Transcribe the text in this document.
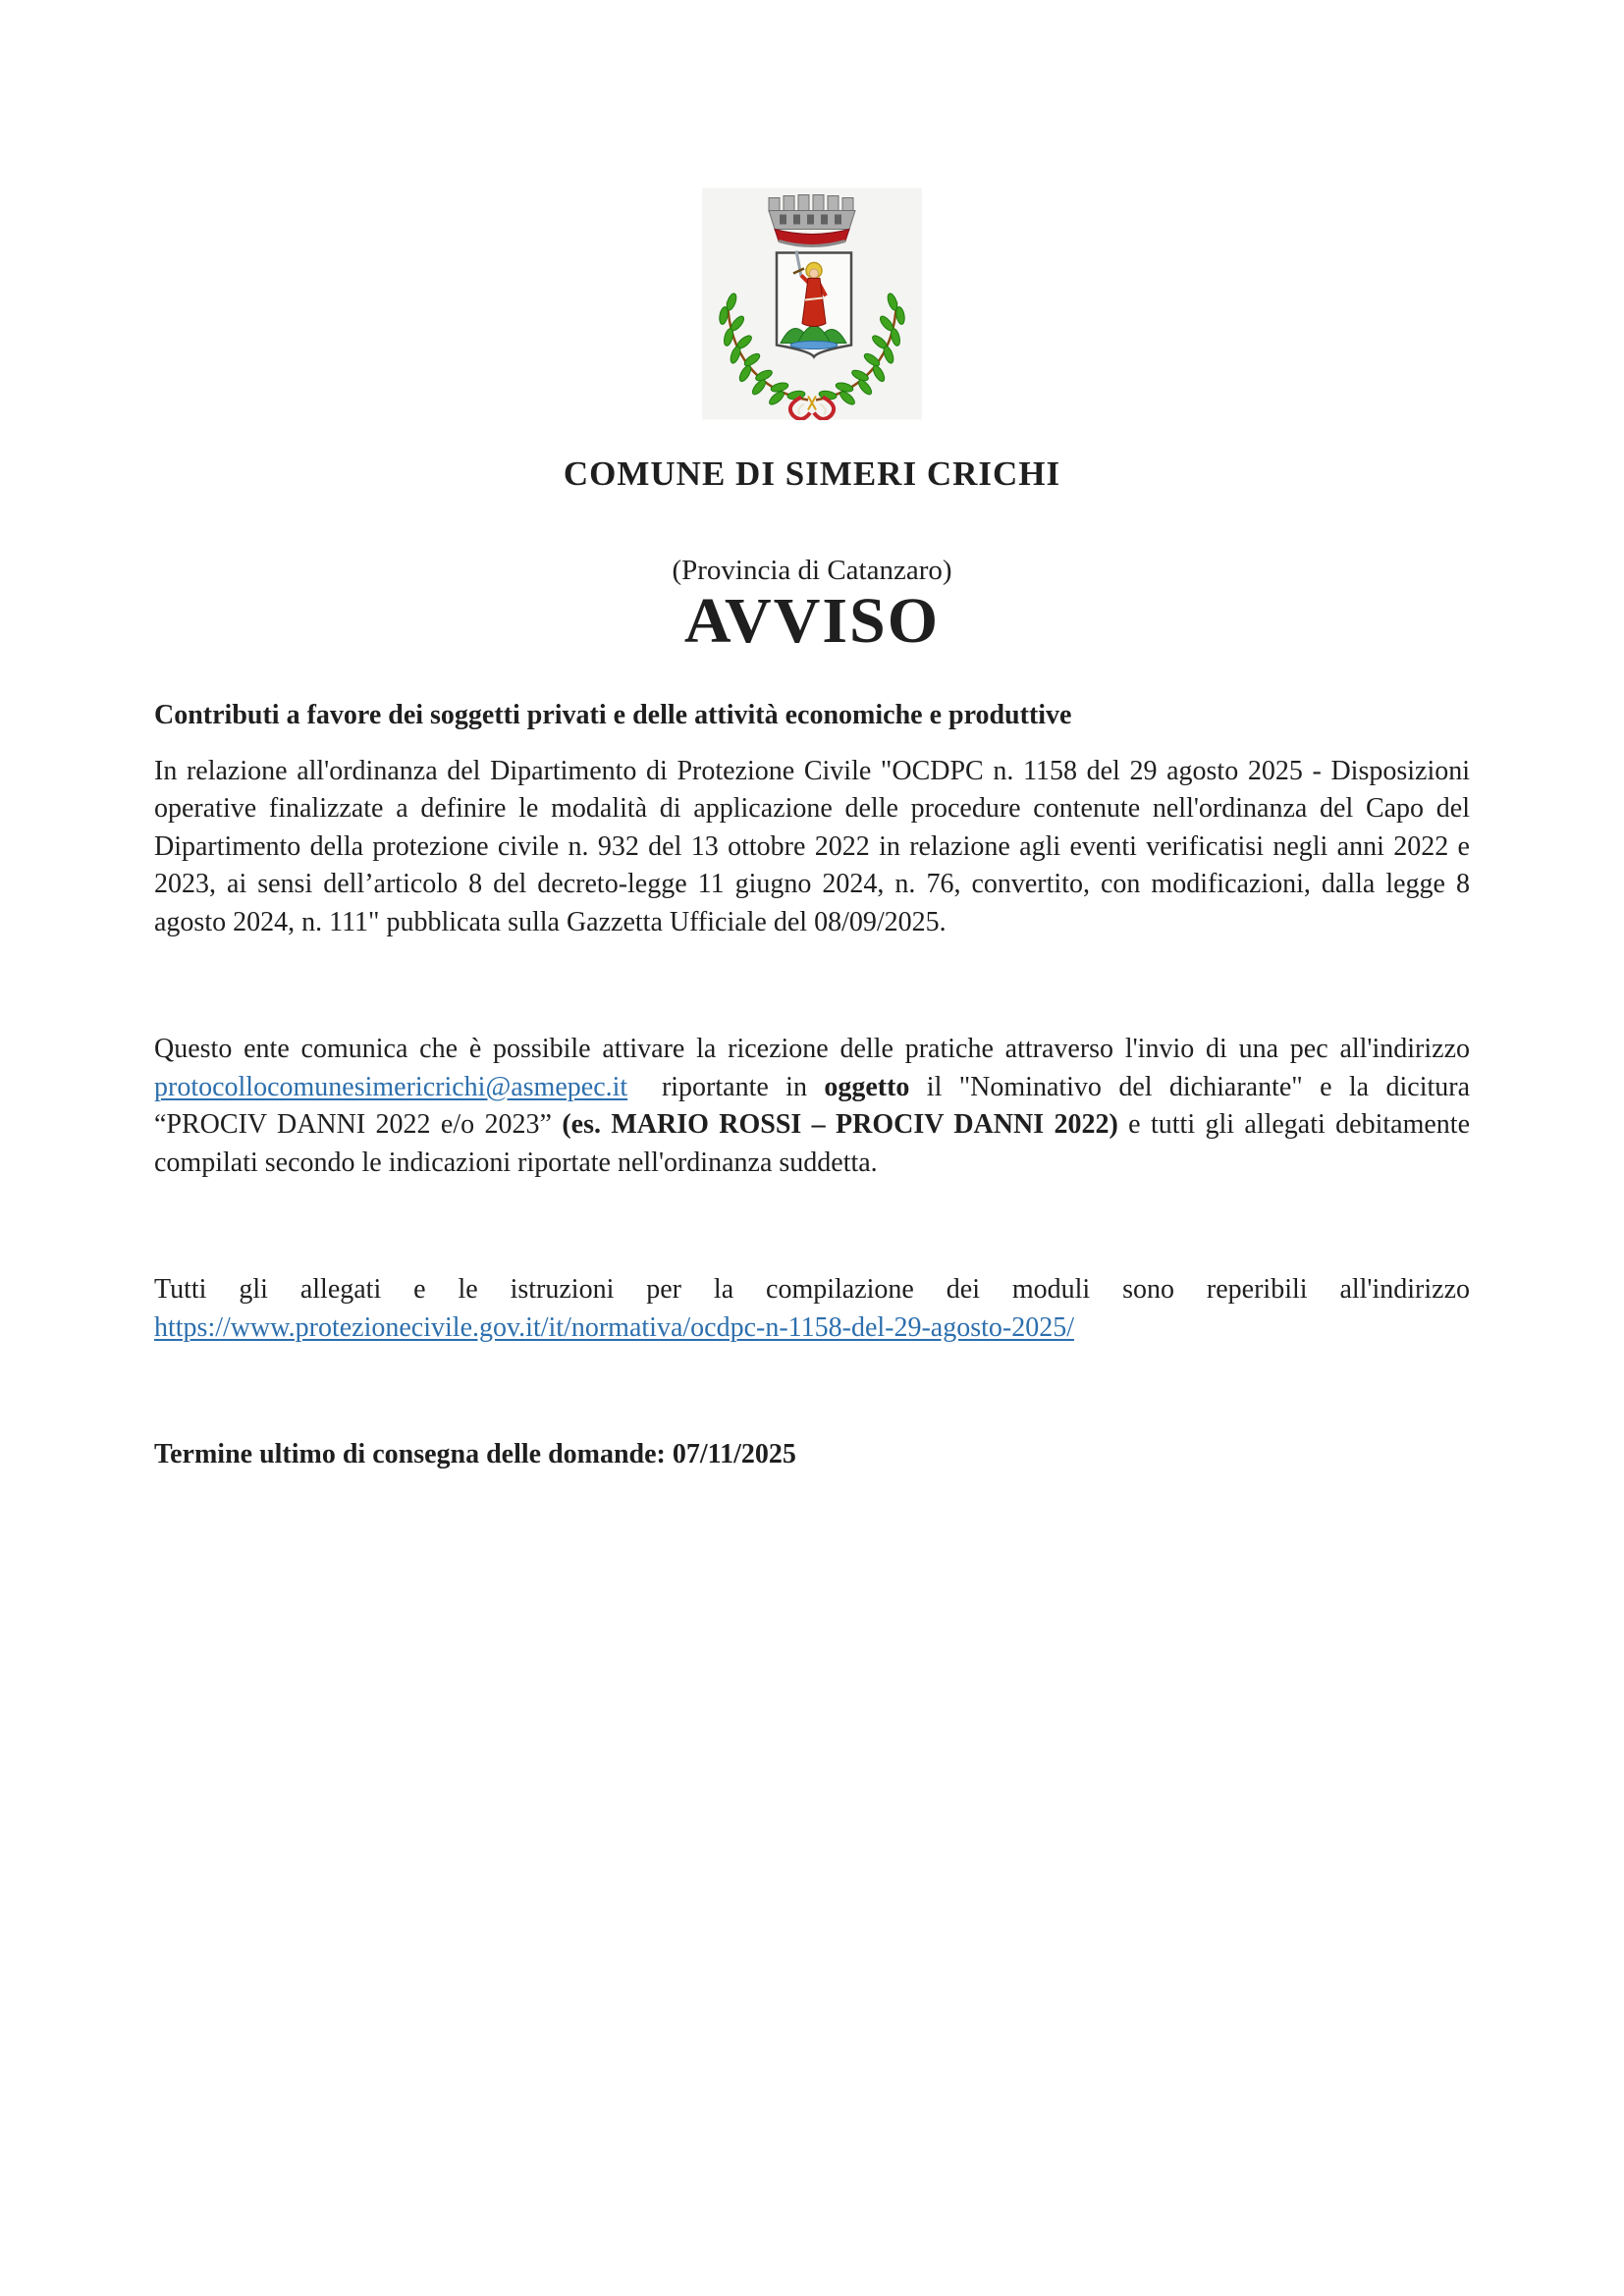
COMUNE DI SIMERI CRICHI
(Provincia di Catanzaro)
AVVISO

Contributi a favore dei soggetti privati e delle attività economiche e produttive

In relazione all'ordinanza del Dipartimento di Protezione Civile "OCDPC n. 1158 del 29 agosto 2025 - Disposizioni operative finalizzate a definire le modalità di applicazione delle procedure contenute nell'ordinanza del Capo del Dipartimento della protezione civile n. 932 del 13 ottobre 2022 in relazione agli eventi verificatisi negli anni 2022 e 2023, ai sensi dell’articolo 8 del decreto-legge 11 giugno 2024, n. 76, convertito, con modificazioni, dalla legge 8 agosto 2024, n. 111" pubblicata sulla Gazzetta Ufficiale del 08/09/2025.

Questo ente comunica che è possibile attivare la ricezione delle pratiche attraverso l'invio di una pec all'indirizzo protocollocomunesimericrichi@asmepec.it  riportante in oggetto il "Nominativo del dichiarante" e la dicitura “PROCIV DANNI 2022 e/o 2023” (es. MARIO ROSSI – PROCIV DANNI 2022) e tutti gli allegati debitamente compilati secondo le indicazioni riportate nell'ordinanza suddetta.

Tutti gli allegati e le istruzioni per la compilazione dei moduli sono reperibili all'indirizzo https://www.protezionecivile.gov.it/it/normativa/ocdpc-n-1158-del-29-agosto-2025/

Termine ultimo di consegna delle domande: 07/11/2025
